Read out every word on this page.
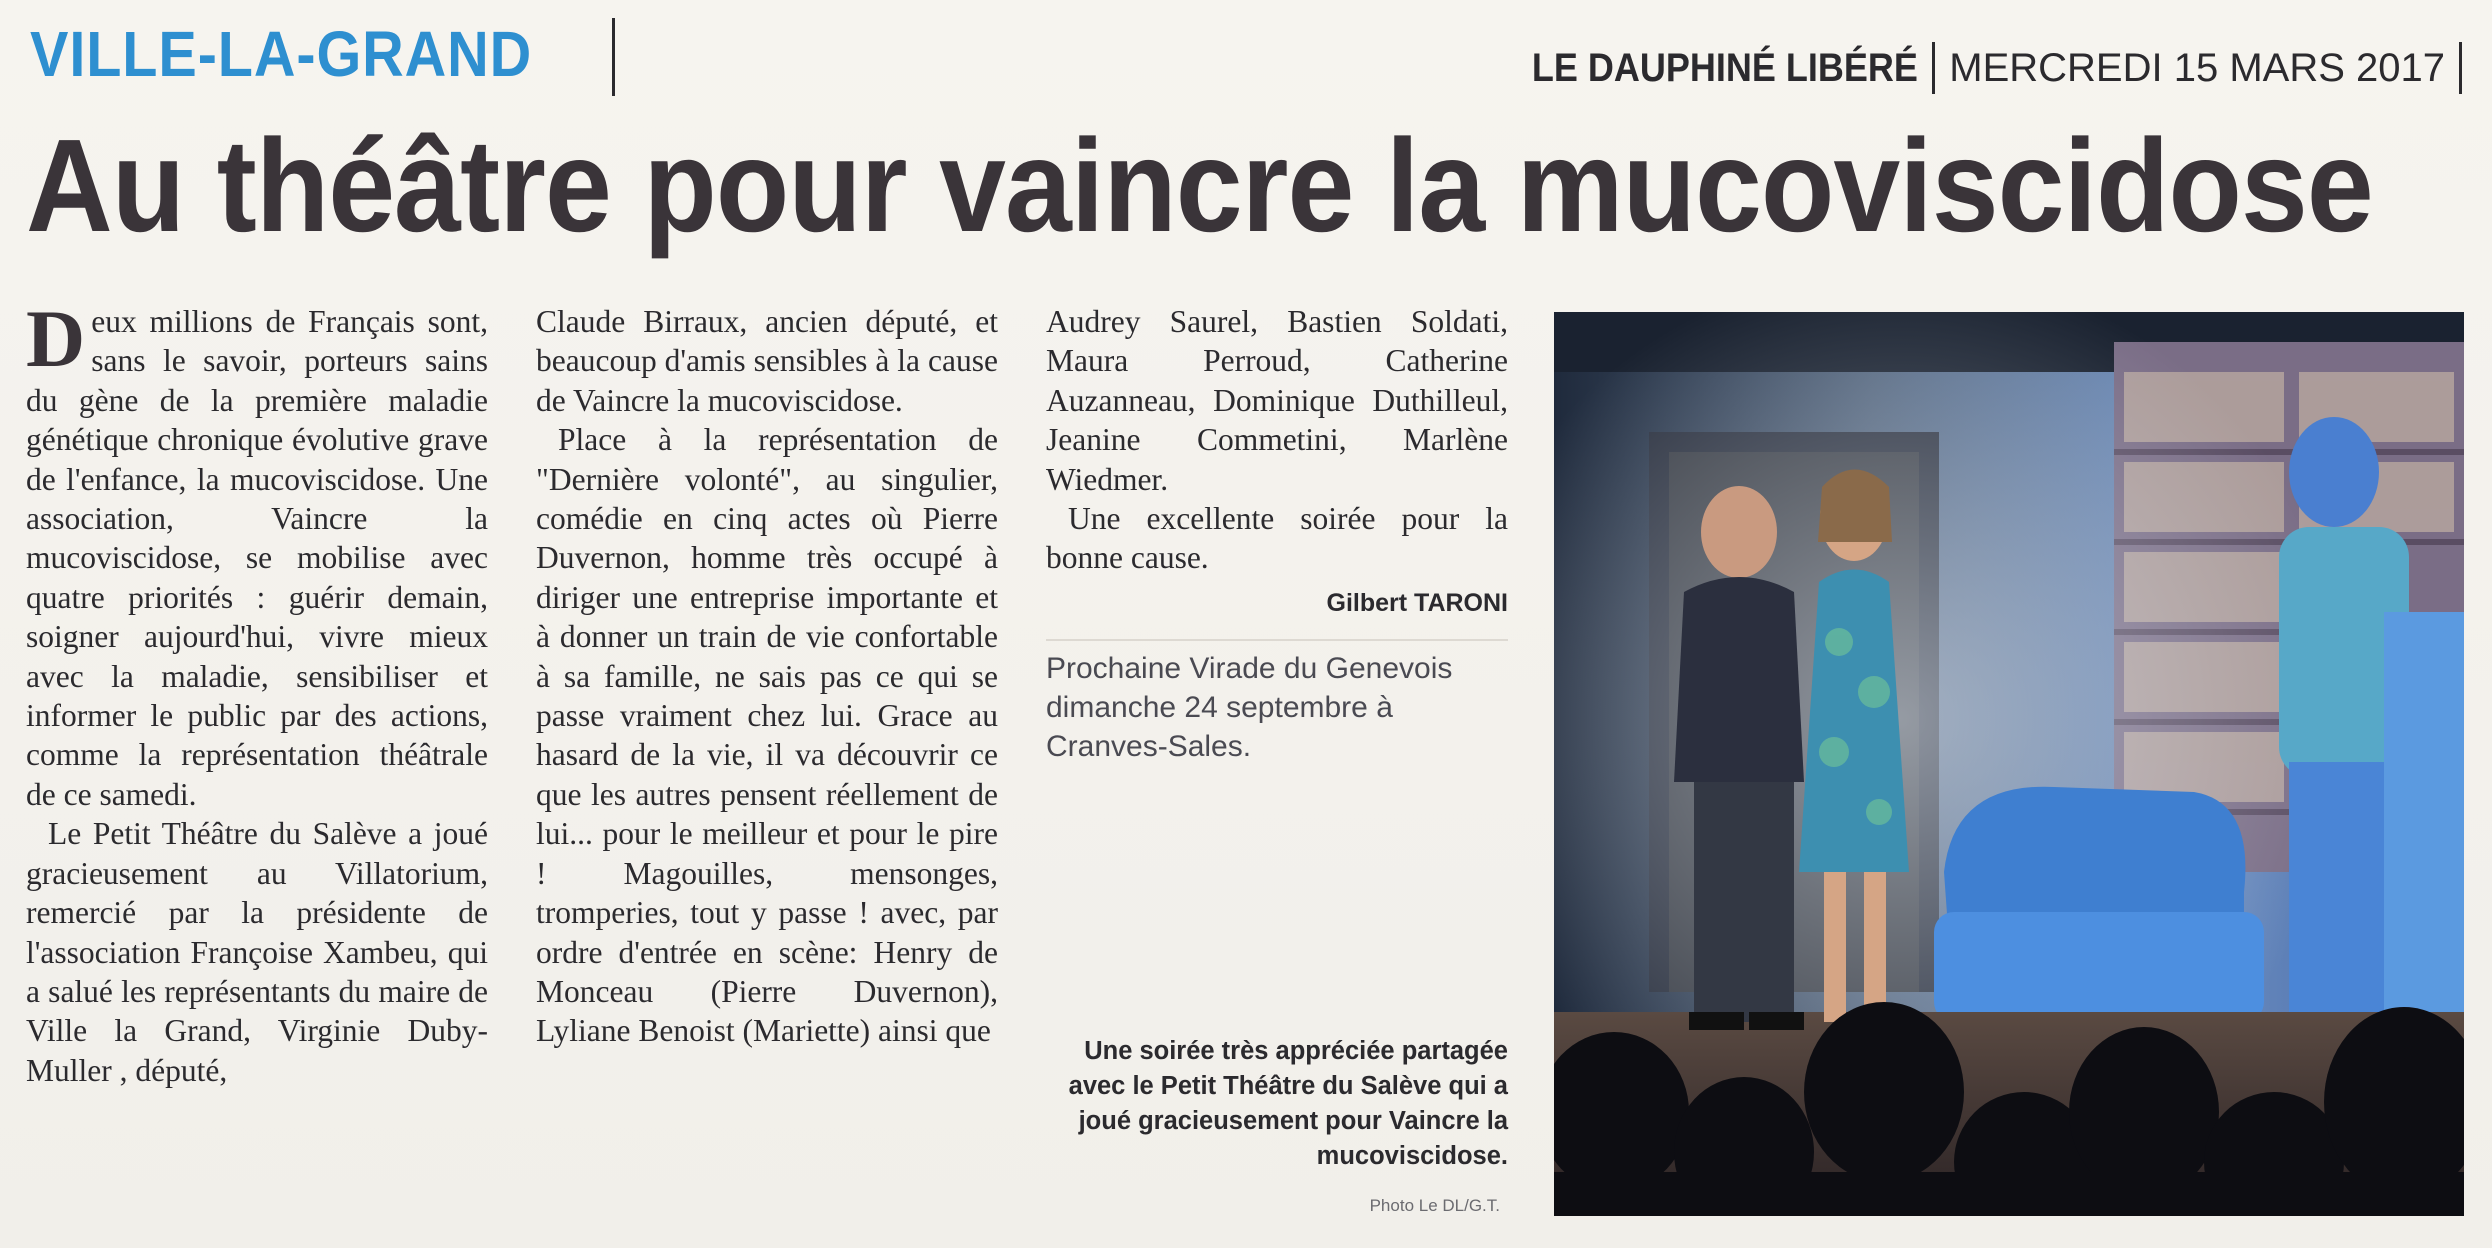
VILLE-LA-GRAND	LE DAUPHINÉ LIBÉRÉ MERCREDI 15 MARS 2017
Au théâtre pour vaincre la mucoviscidose

Deux millions de Français sont, sans le savoir, porteurs sains du gène de la première maladie génétique chronique évolutive grave de l'enfance, la mucoviscidose. Une association, Vaincre la mucoviscidose, se mobilise avec quatre priorités : guérir demain, soigner aujourd'hui, vivre mieux avec la maladie, sensibiliser et informer le public par des actions, comme la représentation théâtrale de ce samedi.

Le Petit Théâtre du Salève a joué gracieusement au Villatorium, remercié par la présidente de l'association Françoise Xambeu, qui a salué les représentants du maire de Ville la Grand, Virginie Duby-Muller , député,

Claude Birraux, ancien député, et beaucoup d'amis sensibles à la cause de Vaincre la mucoviscidose.

Place à la représentation de "Dernière volonté", au singulier, comédie en cinq actes où Pierre Duvernon, homme très occupé à diriger une entreprise importante et à donner un train de vie confortable à sa famille, ne sais pas ce qui se passe vraiment chez lui. Grace au hasard de la vie, il va découvrir ce que les autres pensent réellement de lui... pour le meilleur et pour le pire ! Magouilles, mensonges, tromperies, tout y passe ! avec, par ordre d'entrée en scène: Henry de Monceau (Pierre Duvernon), Lyliane Benoist (Mariette) ainsi que

Audrey Saurel, Bastien Soldati, Maura Perroud, Catherine Auzanneau, Dominique Duthilleul, Jeanine Commetini, Marlène Wiedmer.

Une excellente soirée pour la bonne cause.

Gilbert TARONI
Prochaine Virade du Genevois dimanche 24 septembre à Cranves-Sales.
Une soirée très appréciée partagée avec le Petit Théâtre du Salève qui a joué gracieusement pour Vaincre la mucoviscidose.
Photo Le DL/G.T.
